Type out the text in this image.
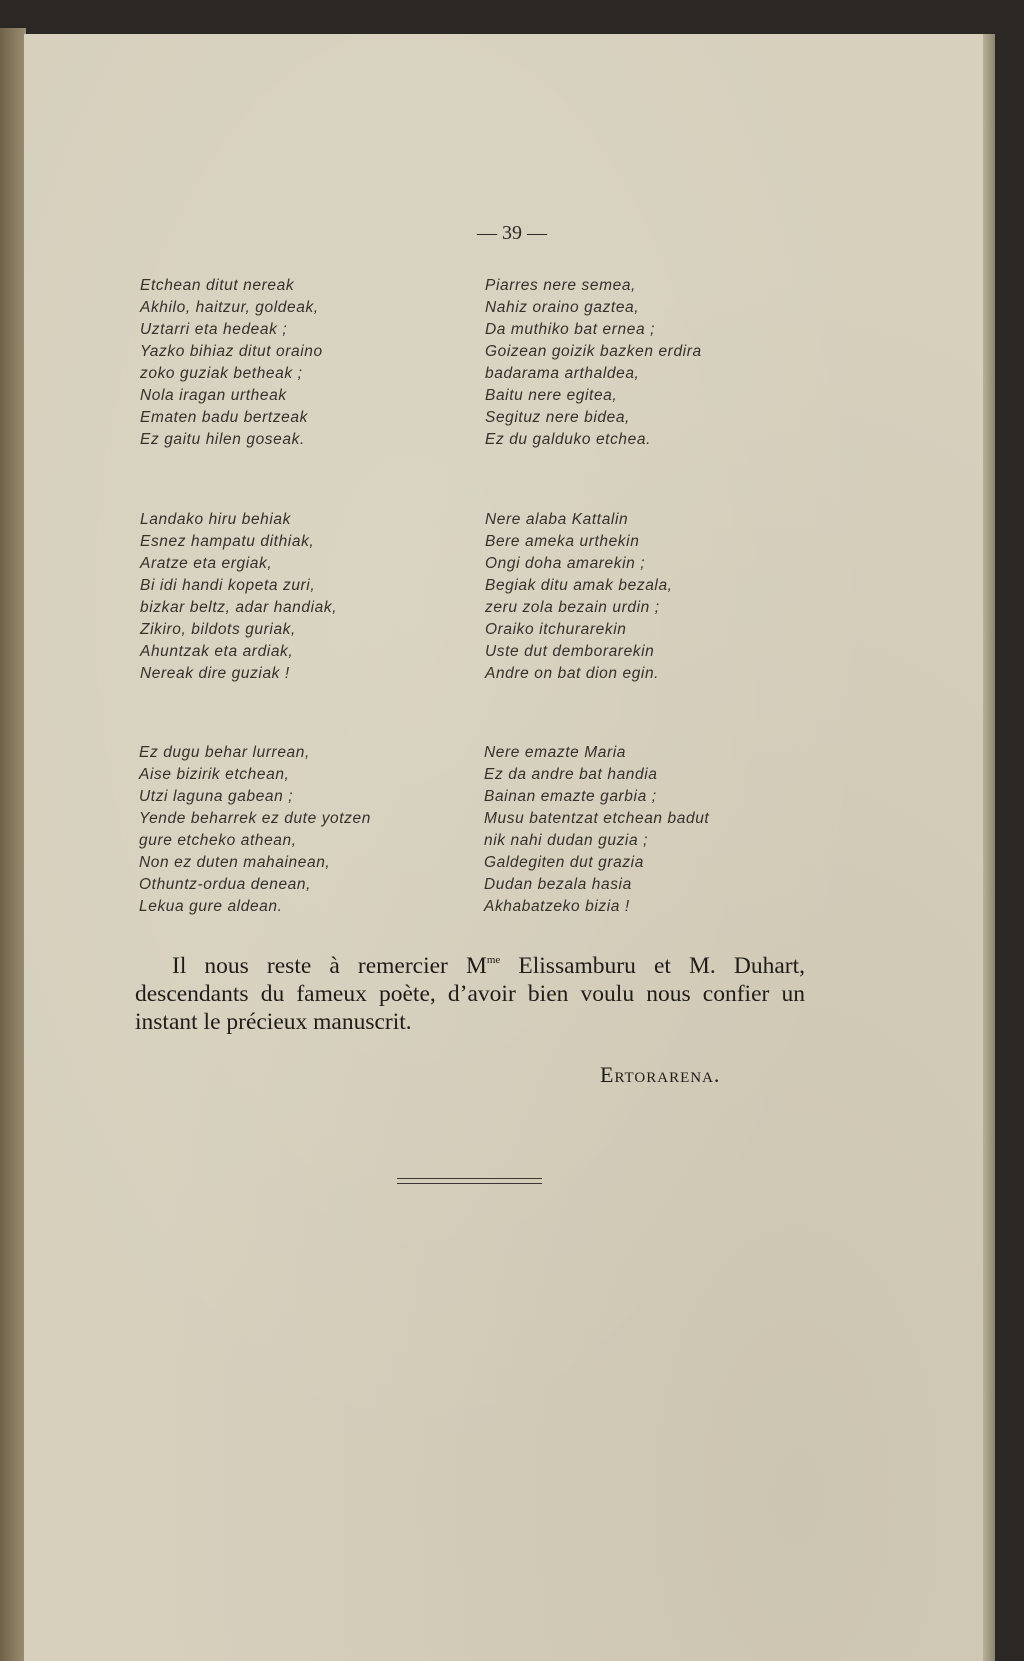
— 39 —
Etchean ditut nereak
Akhilo, haitzur, goldeak,
Uztarri eta hedeak ;
Yazko bihiaz ditut oraino
zoko guziak betheak ;
Nola iragan urtheak
Ematen badu bertzeak
Ez gaitu hilen goseak.
Piarres nere semea,
Nahiz oraino gaztea,
Da muthiko bat ernea ;
Goizean goizik bazken erdira
badarama arthaldea,
Baitu nere egitea,
Segituz nere bidea,
Ez du galduko etchea.
Landako hiru behiak
Esnez hampatu dithiak,
Aratze eta ergiak,
Bi idi handi kopeta zuri,
bizkar beltz, adar handiak,
Zikiro, bildots guriak,
Ahuntzak eta ardiak,
Nereak dire guziak !
Nere alaba Kattalin
Bere ameka urthekin
Ongi doha amarekin ;
Begiak ditu amak bezala,
zeru zola bezain urdin ;
Oraiko itchurarekin
Uste dut demborarekin
Andre on bat dion egin.
Ez dugu behar lurrean,
Aise bizirik etchean,
Utzi laguna gabean ;
Yende beharrek ez dute yotzen
gure etcheko athean,
Non ez duten mahainean,
Othuntz-ordua denean,
Lekua gure aldean.
Nere emazte Maria
Ez da andre bat handia
Bainan emazte garbia ;
Musu batentzat etchean badut
nik nahi dudan guzia ;
Galdegiten dut grazia
Dudan bezala hasia
Akhabatzeko bizia !

Il nous reste à remercier $M^{me}$ Elissamburu et M. Duhart, descendants du fameux poète, d’avoir bien voulu nous confier un instant le précieux manuscrit.

Ertorarena.
